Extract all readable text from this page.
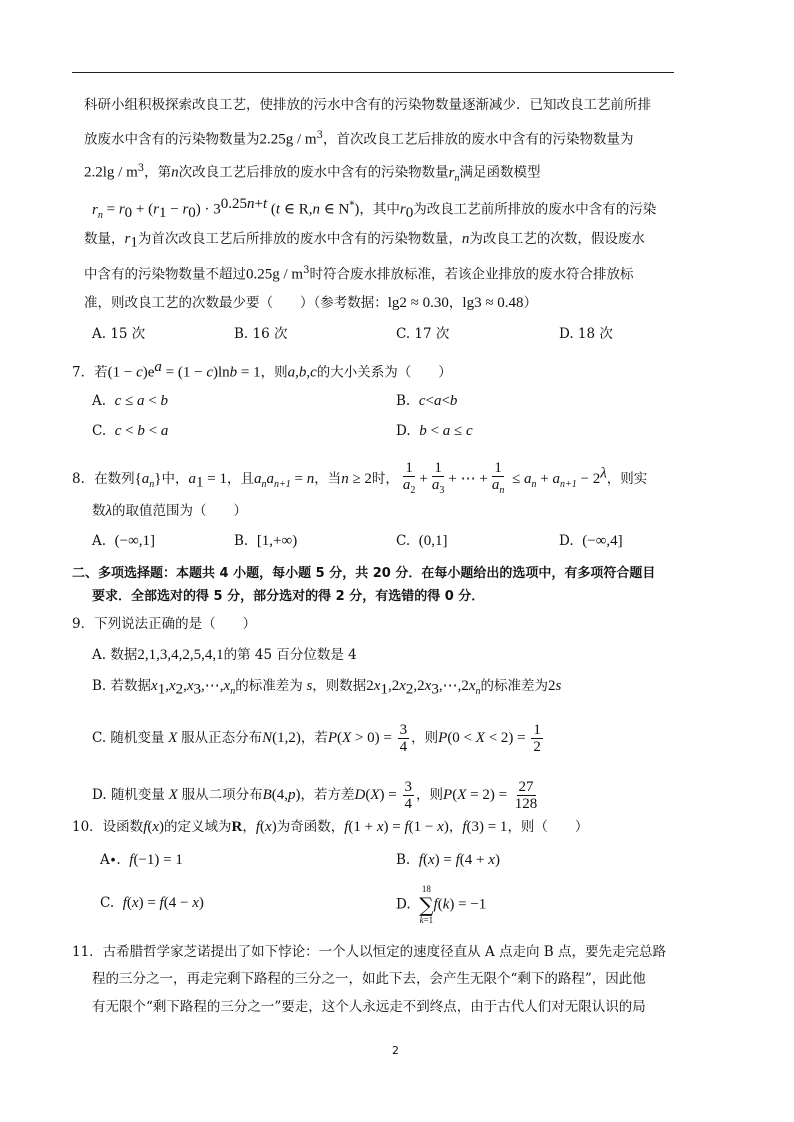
科研小组积极探索改良工艺，使排放的污水中含有的污染物数量逐渐减少．已知改良工艺前所排
放废水中含有的污染物数量为$2.25g / m^3$，首次改良工艺后排放的废水中含有的污染物数量为
$2.2\lg / m^3$，第n次改良工艺后排放的废水中含有的污染物数量$r_n$满足函数模型
$r_n = r_0 + (r_1 - r_0) \cdot 3^{0.25n+t}$ (t ∈ R,n ∈ N*)，其中$r_0$为改良工艺前所排放的废水中含有的污染
数量，$r_1$为首次改良工艺后所排放的废水中含有的污染物数量，n为改良工艺的次数，假设废水
中含有的污染物数量不超过$0.25g / m^3$时符合废水排放标准，若该企业排放的废水符合排放标
准，则改良工艺的次数最少要（　　）（参考数据：lg2 ≈ 0.30，lg3 ≈ 0.48）
A. 15 次	B. 16 次	C. 17 次	D. 18 次
7．若$(1 - c)e^a = (1 - c)\ln b = 1$，则a,b,c的大小关系为（　　）
A. c ≤ a < b	B. c<a<b
C. c < b < a	D. b < a ≤ c
8．在数列$\{a_n\}$中，$a_1 = 1$，且$a_na_{n+1} = n$，当n ≥ 2时， $\frac{1}{a_2} + \frac{1}{a_3}$ + ⋯ + $\frac{1}{a_n} \le a_n + a_{n+1} - 2^\lambda$，则实
数λ的取值范围为（　　）
A. (−∞,1]	B. [1,+∞)	C. (0,1]	D. (−∞,4]
二、多项选择题：本题共 4 小题，每小题 5 分，共 20 分．在每小题给出的选项中，有多项符合题目
要求．全部选对的得 5 分，部分选对的得 2 分，有选错的得 0 分．
9．下列说法正确的是（　　）
A. 数据2,1,3,4,2,5,4,1的第 45 百分位数是 4
B. 若数据$x_1,x_2,x_3,\cdots,x_n$的标准差为 s，则数据$2x_1,2x_2,2x_3,\cdots,2x_n$的标准差为2s
C. 随机变量 X 服从正态分布N(1,2)，若$P(X > 0) = \frac{3}{4}$ ，则$P(0 < X < 2) = \frac{1}{2}$
D. 随机变量 X 服从二项分布B(4,p)，若方差$D(X) = \frac{3}{4}$ ，则$P(X = 2) = \frac{27}{128}$
10．设函数f(x)的定义域为R，f(x)为奇函数，f(1 + x) = f(1 − x)，f(3) = 1，则（　　）
A∙. f(−1) = 1	B. f(x) = f(4 + x)
C. f(x) = f(4 − x)	D.
18
∑
k=1
f(k) = −1
11．古希腊哲学家芝诺提出了如下悖论：一个人以恒定的速度径直从 A 点走向 B 点，要先走完总路
程的三分之一，再走完剩下路程的三分之一，如此下去，会产生无限个“剩下的路程”，因此他
有无限个“剩下路程的三分之一”要走，这个人永远走不到终点，由于古代人们对无限认识的局
2
